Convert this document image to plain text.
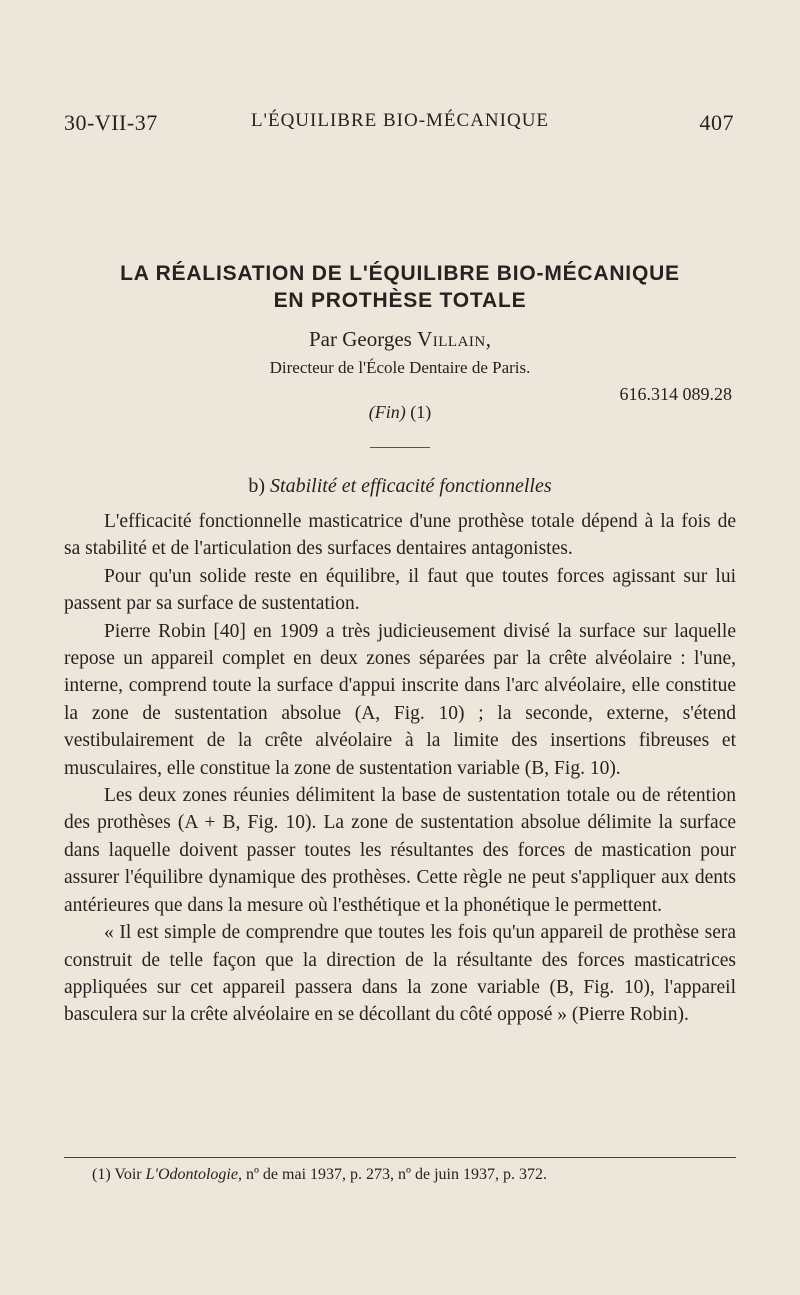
30-VII-37	L'ÉQUILIBRE BIO-MÉCANIQUE	407
LA RÉALISATION DE L'ÉQUILIBRE BIO-MÉCANIQUE
EN PROTHÈSE TOTALE
Par Georges Villain,
Directeur de l'École Dentaire de Paris.
616.314 089.28
(Fin) (1)
b) Stabilité et efficacité fonctionnelles

L'efficacité fonctionnelle masticatrice d'une prothèse totale dépend à la fois de sa stabilité et de l'articulation des surfaces dentaires antagonistes.

Pour qu'un solide reste en équilibre, il faut que toutes forces agissant sur lui passent par sa surface de sustentation.

Pierre Robin [40] en 1909 a très judicieusement divisé la surface sur laquelle repose un appareil complet en deux zones séparées par la crête alvéolaire : l'une, interne, comprend toute la surface d'appui inscrite dans l'arc alvéolaire, elle constitue la zone de sustentation absolue (A, Fig. 10) ; la seconde, externe, s'étend vestibulairement de la crête alvéolaire à la limite des insertions fibreuses et musculaires, elle constitue la zone de sustentation variable (B, Fig. 10).

Les deux zones réunies délimitent la base de sustentation totale ou de rétention des prothèses (A + B, Fig. 10). La zone de sustentation absolue délimite la surface dans laquelle doivent passer toutes les résultantes des forces de mastication pour assurer l'équilibre dynamique des prothèses. Cette règle ne peut s'appliquer aux dents antérieures que dans la mesure où l'esthétique et la phonétique le permettent.

« Il est simple de comprendre que toutes les fois qu'un appareil de prothèse sera construit de telle façon que la direction de la résultante des forces masticatrices appliquées sur cet appareil passera dans la zone variable (B, Fig. 10), l'appareil basculera sur la crête alvéolaire en se décollant du côté opposé » (Pierre Robin).

(1) Voir L'Odontologie, nº de mai 1937, p. 273, nº de juin 1937, p. 372.
